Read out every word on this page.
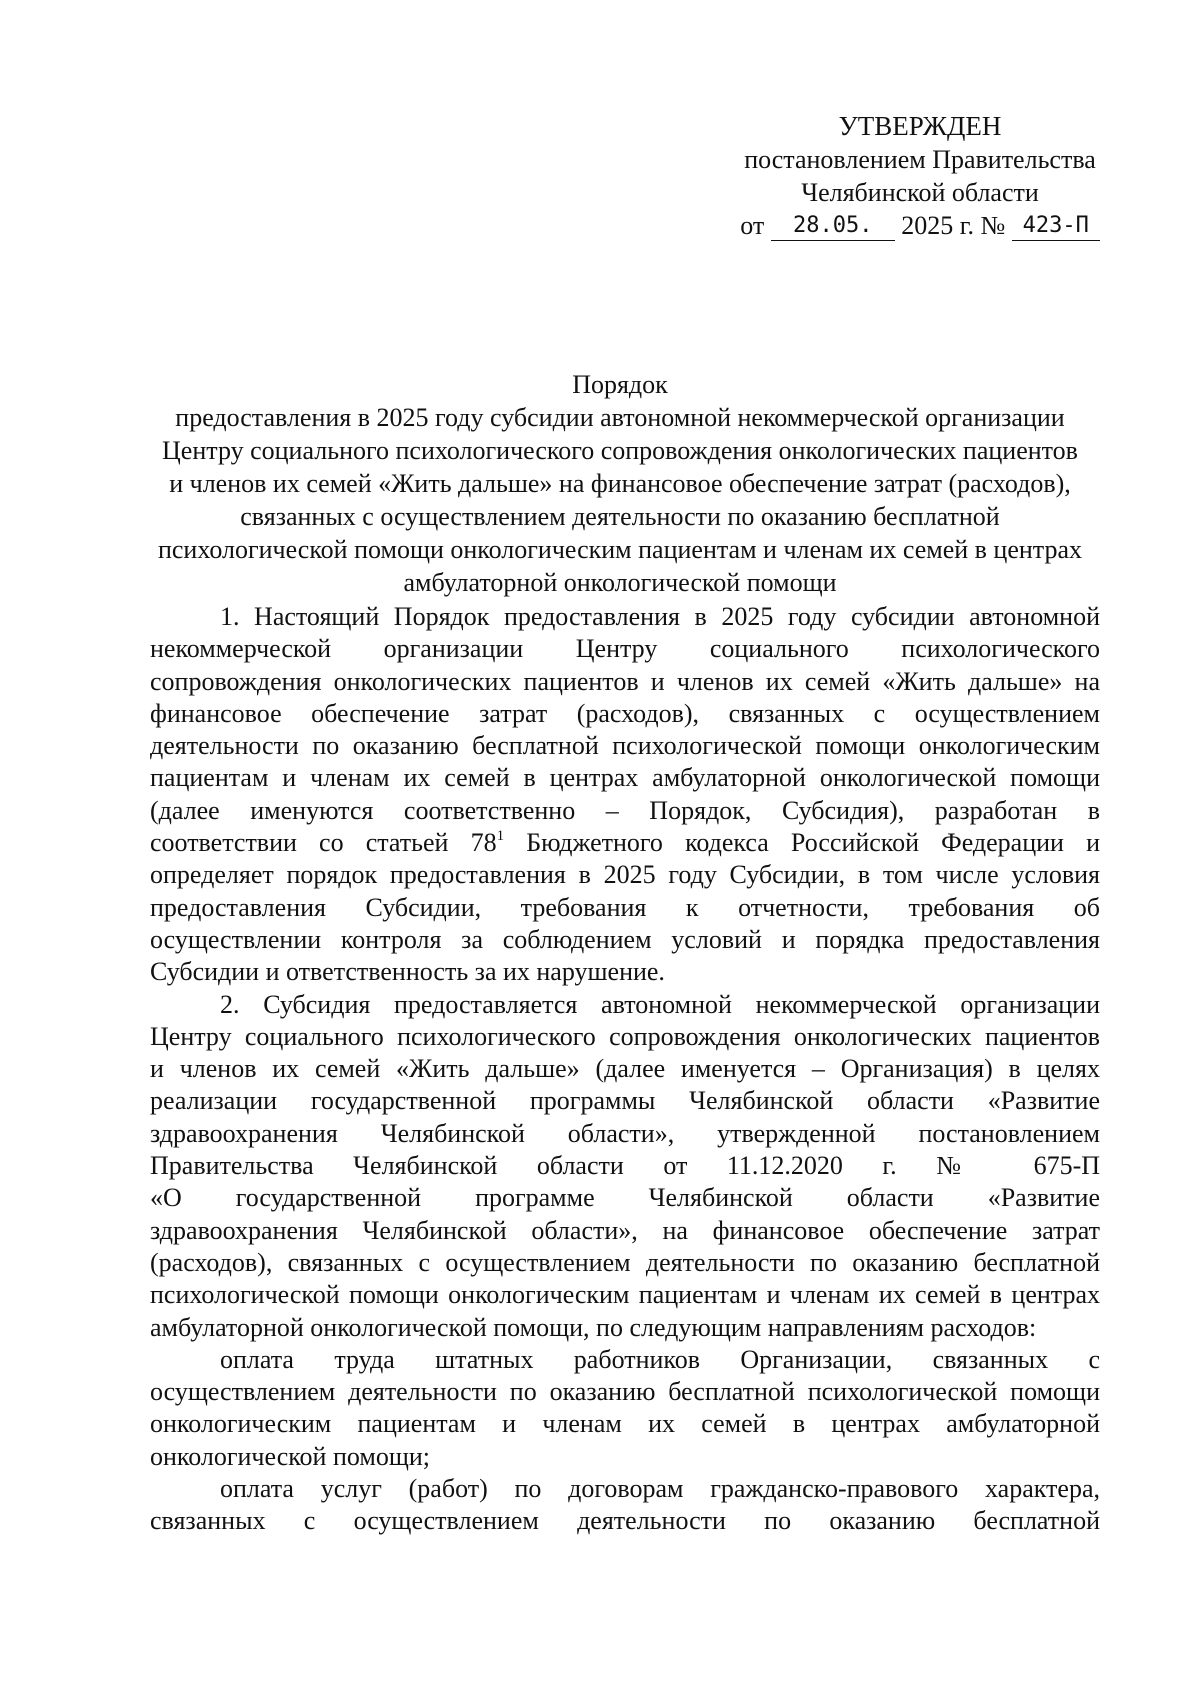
УТВЕРЖДЕН
постановлением Правительства
Челябинской области
от 28.05. 2025 г. № 423-П
Порядок
предоставления в 2025 году субсидии автономной некоммерческой организации
Центру социального психологического сопровождения онкологических пациентов
и членов их семей «Жить дальше» на финансовое обеспечение затрат (расходов),
связанных с осуществлением деятельности по оказанию бесплатной
психологической помощи онкологическим пациентам и членам их семей в центрах
амбулаторной онкологической помощи
1. Настоящий Порядок предоставления в 2025 году субсидии автономной
некоммерческой организации Центру социального психологического
сопровождения онкологических пациентов и членов их семей «Жить дальше» на
финансовое обеспечение затрат (расходов), связанных с осуществлением
деятельности по оказанию бесплатной психологической помощи онкологическим
пациентам и членам их семей в центрах амбулаторной онкологической помощи
(далее именуются соответственно – Порядок, Субсидия), разработан в
соответствии со статьей $78^1$ Бюджетного кодекса Российской Федерации и
определяет порядок предоставления в 2025 году Субсидии, в том числе условия
предоставления Субсидии, требования к отчетности, требования об
осуществлении контроля за соблюдением условий и порядка предоставления
Субсидии и ответственность за их нарушение.
2. Субсидия предоставляется автономной некоммерческой организации
Центру социального психологического сопровождения онкологических пациентов
и членов их семей «Жить дальше» (далее именуется – Организация) в целях
реализации государственной программы Челябинской области «Развитие
здравоохранения Челябинской области», утвержденной постановлением
Правительства Челябинской области от 11.12.2020 г. № 675-П
«О государственной программе Челябинской области «Развитие
здравоохранения Челябинской области», на финансовое обеспечение затрат
(расходов), связанных с осуществлением деятельности по оказанию бесплатной
психологической помощи онкологическим пациентам и членам их семей в центрах
амбулаторной онкологической помощи, по следующим направлениям расходов:
оплата труда штатных работников Организации, связанных с
осуществлением деятельности по оказанию бесплатной психологической помощи
онкологическим пациентам и членам их семей в центрах амбулаторной
онкологической помощи;
оплата услуг (работ) по договорам гражданско-правового характера,
связанных с осуществлением деятельности по оказанию бесплатной
